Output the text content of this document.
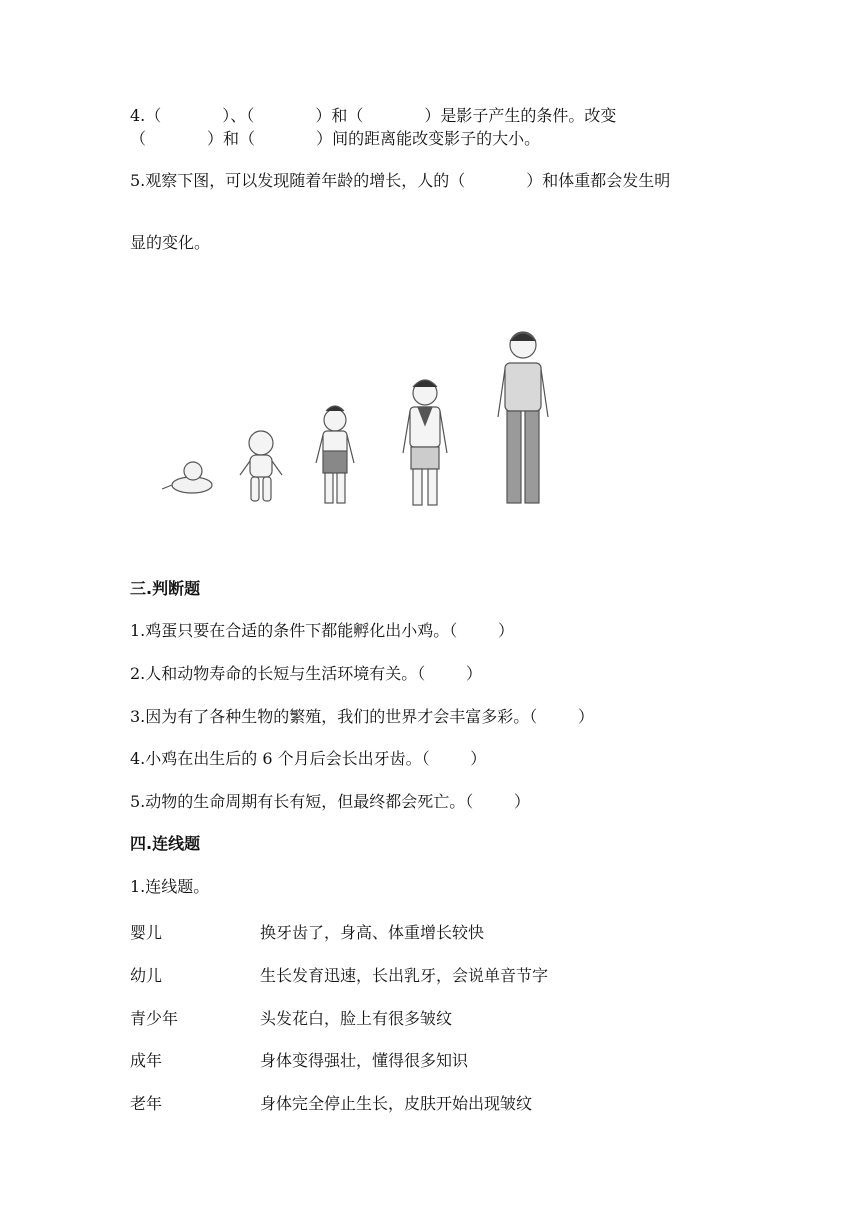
4.（            ）、（            ）和（            ）是影子产生的条件。改变
（            ）和（            ）间的距离能改变影子的大小。
5.观察下图，可以发现随着年龄的增长，人的（            ）和体重都会发生明
显的变化。
三.判断题
1.鸡蛋只要在合适的条件下都能孵化出小鸡。（        ）
2.人和动物寿命的长短与生活环境有关。（        ）
3.因为有了各种生物的繁殖，我们的世界才会丰富多彩。（        ）
4.小鸡在出生后的 6 个月后会长出牙齿。（        ）
5.动物的生命周期有长有短，但最终都会死亡。（        ）
四.连线题
1.连线题。
婴儿	换牙齿了，身高、体重增长较快
幼儿	生长发育迅速，长出乳牙，会说单音节字
青少年	头发花白，脸上有很多皱纹
成年	身体变得强壮，懂得很多知识
老年	身体完全停止生长，皮肤开始出现皱纹
